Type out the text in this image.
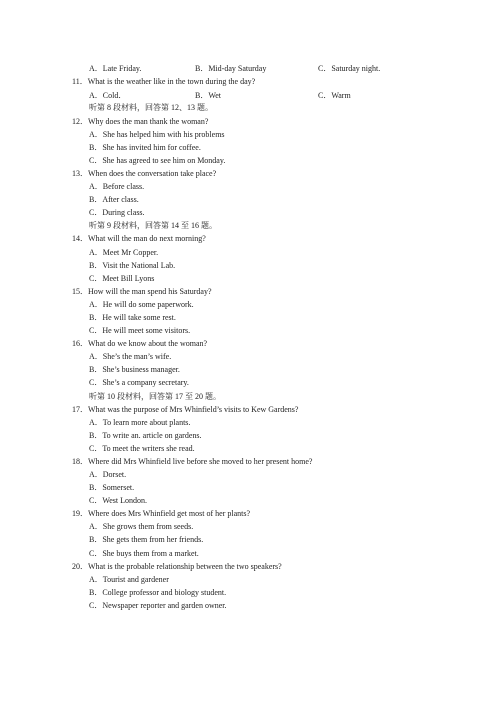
A．Late Friday.	B．Mid-day Saturday	C．Saturday night.
11．What is the weather like in the town during the day?
A．Cold．	B．Wet	C．Warm
听第 8 段材料，回答第 12、13 题。
12．Why does the man thank the woman?
A．She has helped him with his problems
B．She has invited him for coffee.
C．She has agreed to see him on Monday.
13．When does the conversation take place?
A．Before class.
B．After class.
C．During class.
听第 9 段材料，回答第 14 至 16 题。
14．What will the man do next morning?
A．Meet Mr Copper.
B．Visit the National Lab.
C．Meet Bill Lyons
15．How will the man spend his Saturday?
A．He will do some paperwork.
B．He will take some rest.
C．He will meet some visitors.
16．What do we know about the woman?
A．She’s the man’s wife.
B．She’s business manager.
C．She’s a company secretary.
听第 10 段材料，回答第 17 至 20 题。
17．What was the purpose of Mrs Whinfield’s visits to Kew Gardens?
A．To learn more about plants.
B．To write an. article on gardens.
C．To meet the writers she read.
18．Where did Mrs Whinfield live before she moved to her present home?
A．Dorset.
B．Somerset.
C．West London.
19．Where does Mrs Whinfield get most of her plants?
A．She grows them from seeds.
B．She gets them from her friends.
C．She buys them from a market.
20．What is the probable relationship between the two speakers?
A．Tourist and gardener
B．College professor and biology student.
C．Newspaper reporter and garden owner.
